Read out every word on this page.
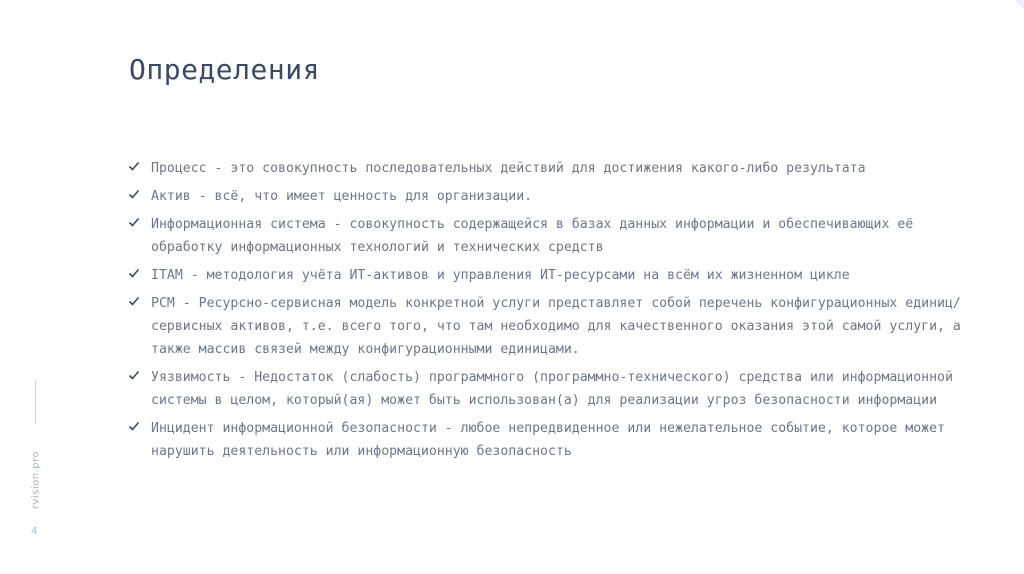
Определения
rvision.pro
4
Процесс - это совокупность последовательных действий для достижения какого-либо результата
Актив - всё, что имеет ценность для организации.
Информационная система - совокупность содержащейся в базах данных информации и обеспечивающих её обработку информационных технологий и технических средств
ITAM - методология учёта ИТ-активов и управления ИТ-ресурсами на всём их жизненном цикле
РСМ - Ресурсно-сервисная модель конкретной услуги представляет собой перечень конфигурационных единиц/сервисных активов, т.е. всего того, что там необходимо для качественного оказания этой самой услуги, а также массив связей между конфигурационными единицами.
Уязвимость - Недостаток (слабость) программного (программно-технического) средства или информационной системы в целом, который(ая) может быть использован(а) для реализации угроз безопасности информации
Инцидент информационной безопасности - любое непредвиденное или нежелательное событие, которое может нарушить деятельность или информационную безопасность
